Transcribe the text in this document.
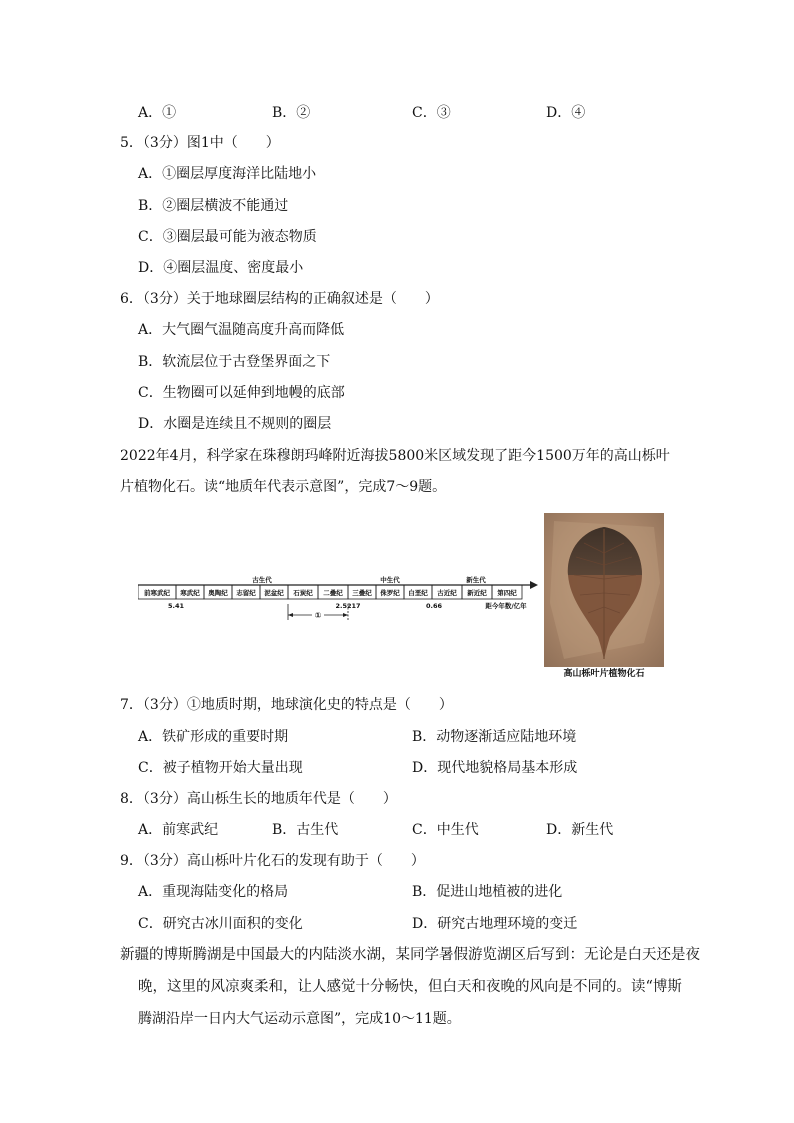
A．①	B．②	C．③	D．④
5．（3分）图1中（　　）
A．①圈层厚度海洋比陆地小
B．②圈层横波不能通过
C．③圈层最可能为液态物质
D．④圈层温度、密度最小
6．（3分）关于地球圈层结构的正确叙述是（　　）
A．大气圈气温随高度升高而降低
B．软流层位于古登堡界面之下
C．生物圈可以延伸到地幔的底部
D．水圈是连续且不规则的圈层
2022年4月，科学家在珠穆朗玛峰附近海拔5800米区域发现了距今1500万年的高山栎叶
片植物化石。读“地质年代表示意图”，完成7～9题。
古生代	中生代	新生代
前寒武纪 寒武纪 奥陶纪 志留纪 泥盆纪 石炭纪 二叠纪 三叠纪 侏罗纪 白垩纪 古近纪 新近纪 第四纪
5.41	2.5217	0.66	距今年数/亿年
①
高山栎叶片植物化石
7．（3分）①地质时期，地球演化史的特点是（　　）
A．铁矿形成的重要时期	B．动物逐渐适应陆地环境
C．被子植物开始大量出现	D．现代地貌格局基本形成
8．（3分）高山栎生长的地质年代是（　　）
A．前寒武纪	B．古生代	C．中生代	D．新生代
9．（3分）高山栎叶片化石的发现有助于（　　）
A．重现海陆变化的格局	B．促进山地植被的进化
C．研究古冰川面积的变化	D．研究古地理环境的变迁
新疆的博斯腾湖是中国最大的内陆淡水湖，某同学暑假游览湖区后写到：无论是白天还是夜
晚，这里的风凉爽柔和，让人感觉十分畅快，但白天和夜晚的风向是不同的。读“博斯
腾湖沿岸一日内大气运动示意图”，完成10～11题。
